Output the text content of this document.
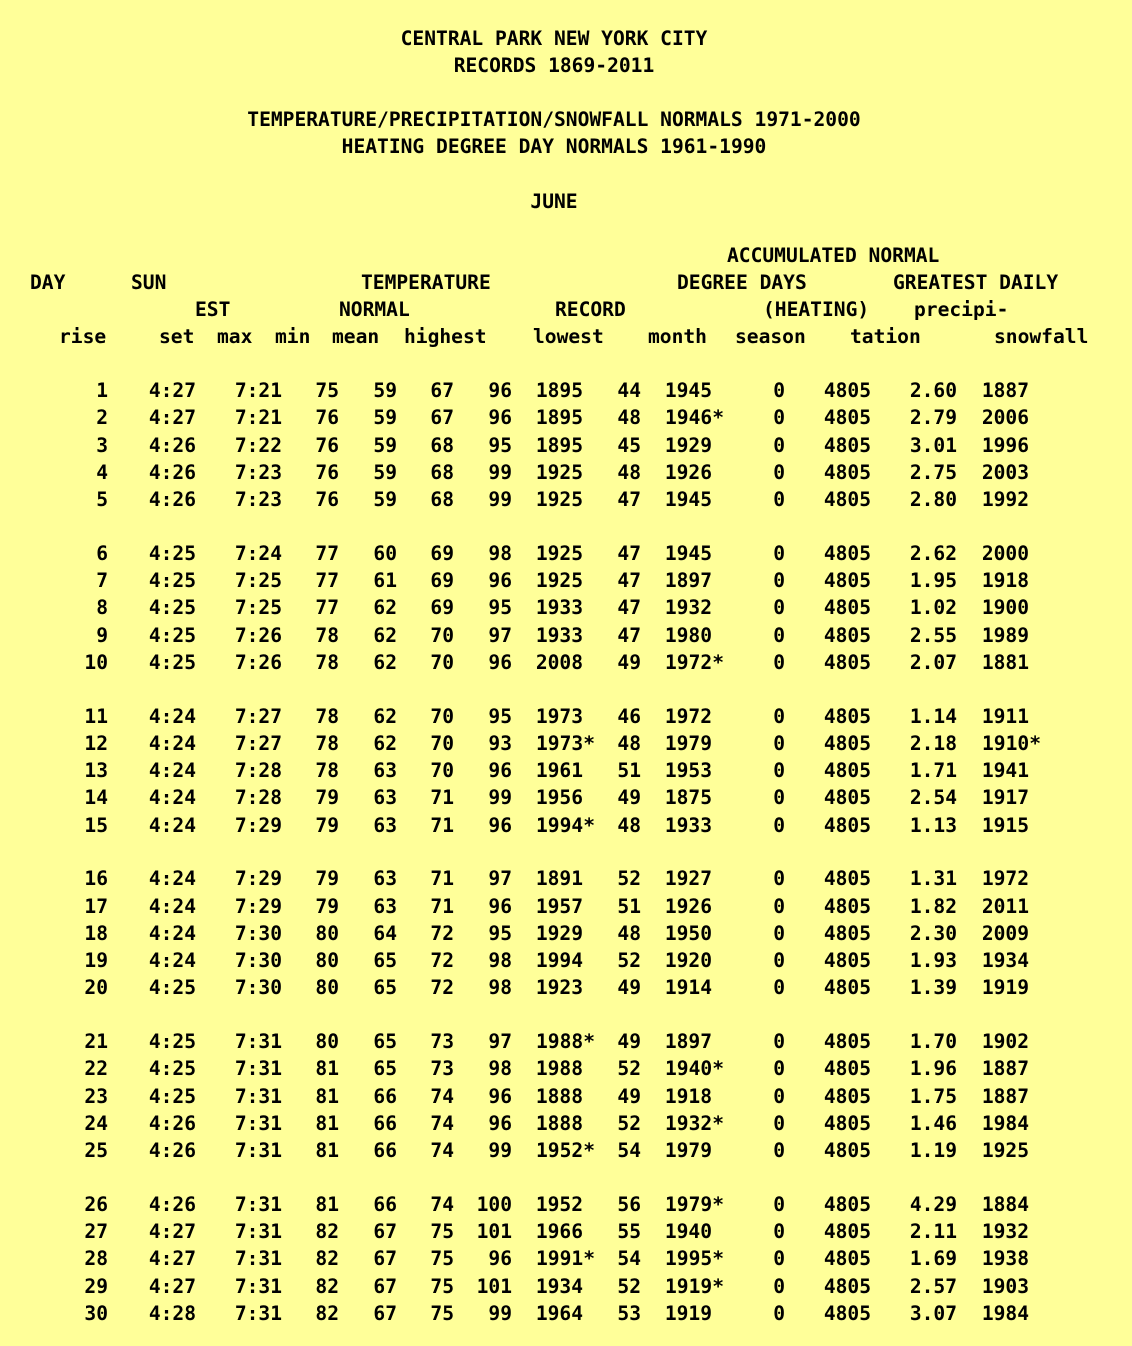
CENTRAL PARK NEW YORK CITY
RECORDS 1869-2011
TEMPERATURE/PRECIPITATION/SNOWFALL NORMALS 1971-2000
HEATING DEGREE DAY NORMALS 1961-1990
JUNE
ACCUMULATED NORMAL
DAY	SUN	TEMPERATURE	DEGREE DAYS	GREATEST DAILY
EST	NORMAL	RECORD	(HEATING) precipi-
rise	set max min mean highest lowest month season tation	snowfall
1 4:27 7:21 75 59 67 96 1895 44 1945	0 4805 2.60 1887
2 4:27 7:21 76 59 67 96 1895 48 1946*	0 4805 2.79 2006
3 4:26 7:22 76 59 68 95 1895 45 1929	0 4805 3.01 1996
4 4:26 7:23 76 59 68 99 1925 48 1926	0 4805 2.75 2003
5 4:26 7:23 76 59 68 99 1925 47 1945	0 4805 2.80 1992
6 4:25 7:24 77 60 69 98 1925 47 1945	0 4805 2.62 2000
7 4:25 7:25 77 61 69 96 1925 47 1897	0 4805 1.95 1918
8 4:25 7:25 77 62 69 95 1933 47 1932	0 4805 1.02 1900
9 4:25 7:26 78 62 70 97 1933 47 1980	0 4805 2.55 1989
10 4:25 7:26 78 62 70 96 2008 49 1972*	0 4805 2.07 1881
11 4:24 7:27 78 62 70 95 1973 46 1972	0 4805 1.14 1911
12 4:24 7:27 78 62 70 93 1973* 48 1979	0 4805 2.18 1910*
13 4:24 7:28 78 63 70 96 1961 51 1953	0 4805 1.71 1941
14 4:24 7:28 79 63 71 99 1956 49 1875	0 4805 2.54 1917
15 4:24 7:29 79 63 71 96 1994* 48 1933	0 4805 1.13 1915
16 4:24 7:29 79 63 71 97 1891 52 1927	0 4805 1.31 1972
17 4:24 7:29 79 63 71 96 1957 51 1926	0 4805 1.82 2011
18 4:24 7:30 80 64 72 95 1929 48 1950	0 4805 2.30 2009
19 4:24 7:30 80 65 72 98 1994 52 1920	0 4805 1.93 1934
20 4:25 7:30 80 65 72 98 1923 49 1914	0 4805 1.39 1919
21 4:25 7:31 80 65 73 97 1988* 49 1897	0 4805 1.70 1902
22 4:25 7:31 81 65 73 98 1988 52 1940*	0 4805 1.96 1887
23 4:25 7:31 81 66 74 96 1888 49 1918	0 4805 1.75 1887
24 4:26 7:31 81 66 74 96 1888 52 1932*	0 4805 1.46 1984
25 4:26 7:31 81 66 74 99 1952* 54 1979	0 4805 1.19 1925
26 4:26 7:31 81 66 74 100 1952 56 1979*	0 4805 4.29 1884
27 4:27 7:31 82 67 75 101 1966 55 1940	0 4805 2.11 1932
28 4:27 7:31 82 67 75 96 1991* 54 1995*	0 4805 1.69 1938
29 4:27 7:31 82 67 75 101 1934 52 1919*	0 4805 2.57 1903
30 4:28 7:31 82 67 75 99 1964 53 1919	0 4805 3.07 1984
